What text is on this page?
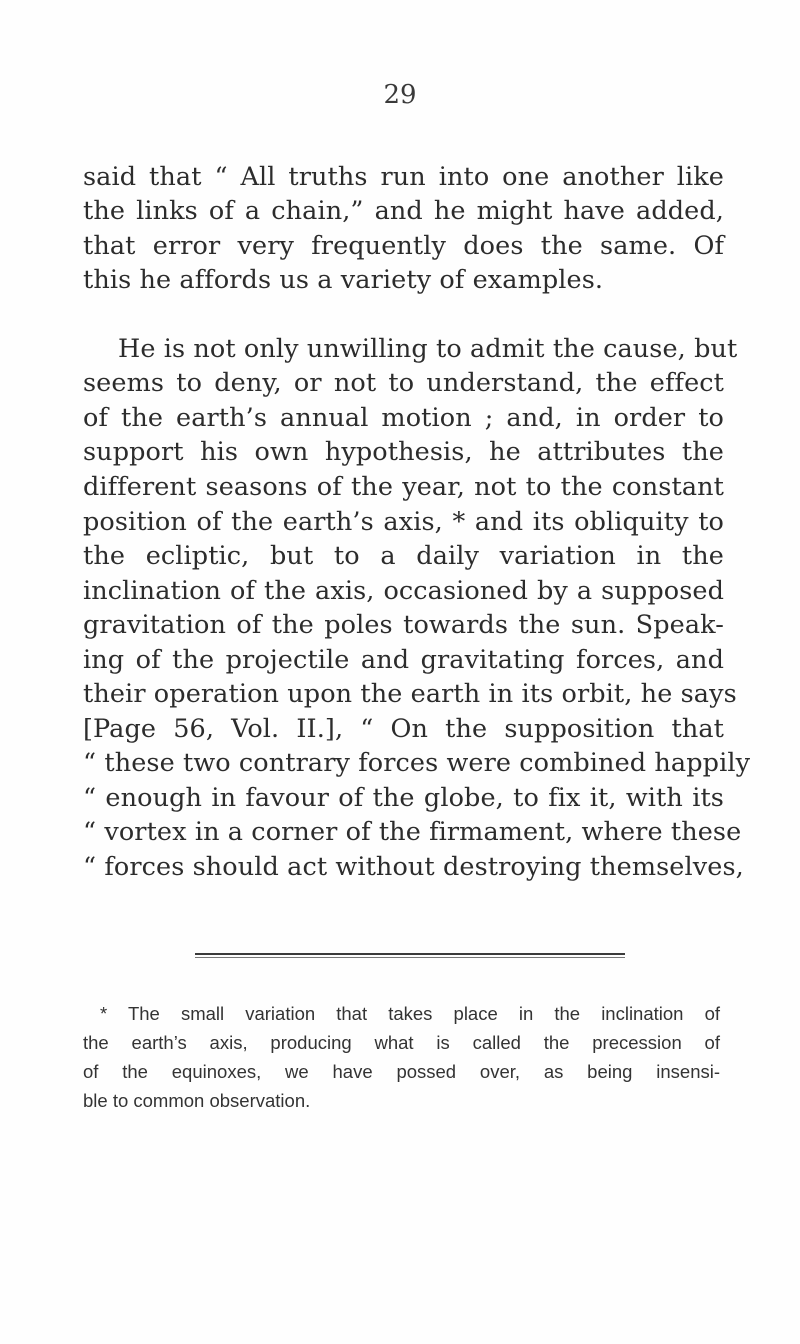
29
said that “ All truths run into one another like
the links of a chain,” and he might have added,
that error very frequently does the same. Of
this he affords us a variety of examples.
He is not only unwilling to admit the cause, but
seems to deny, or not to understand, the effect
of the earth’s annual motion ; and, in order to
support his own hypothesis, he attributes the
different seasons of the year, not to the constant
position of the earth’s axis, * and its obliquity to
the ecliptic, but to a daily variation in the
inclination of the axis, occasioned by a supposed
gravitation of the poles towards the sun. Speak-
ing of the projectile and gravitating forces, and
their operation upon the earth in its orbit, he says
[Page 56, Vol. II.], “ On the supposition that
“ these two contrary forces were combined happily
“ enough in favour of the globe, to fix it, with its
“ vortex in a corner of the firmament, where these
“ forces should act without destroying themselves,
* The small variation that takes place in the inclination of
the earth’s axis, producing what is called the precession of
of the equinoxes, we have possed over, as being insensi-
ble to common observation.
